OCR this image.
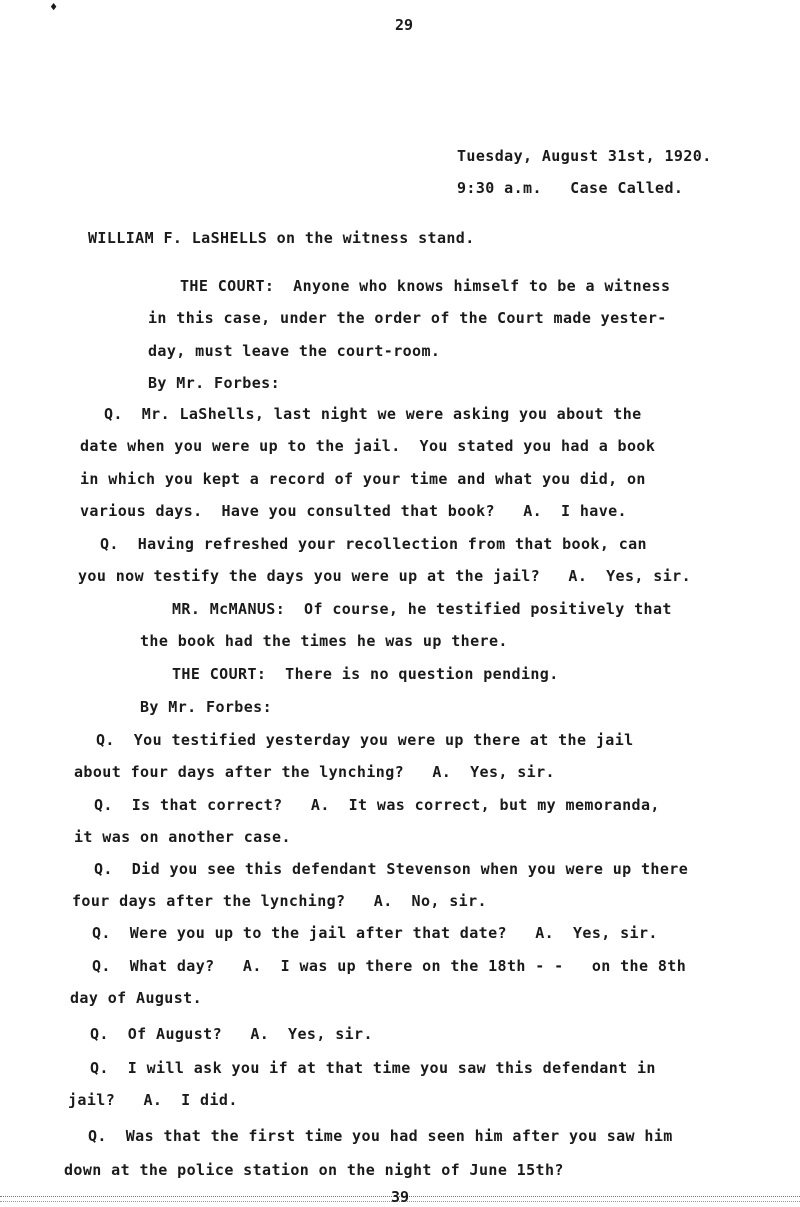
♦
29
Tuesday, August 31st, 1920.
9:30 a.m.   Case Called.
WILLIAM F. LaSHELLS on the witness stand.
THE COURT:  Anyone who knows himself to be a witness
in this case, under the order of the Court made yester-
day, must leave the court-room.
By Mr. Forbes:
Q.  Mr. LaShells, last night we were asking you about the
date when you were up to the jail.  You stated you had a book
in which you kept a record of your time and what you did, on
various days.  Have you consulted that book?   A.  I have.
Q.  Having refreshed your recollection from that book, can
you now testify the days you were up at the jail?   A.  Yes, sir.
MR. McMANUS:  Of course, he testified positively that
the book had the times he was up there.
THE COURT:  There is no question pending.
By Mr. Forbes:
Q.  You testified yesterday you were up there at the jail
about four days after the lynching?   A.  Yes, sir.
Q.  Is that correct?   A.  It was correct, but my memoranda,
it was on another case.
Q.  Did you see this defendant Stevenson when you were up there
four days after the lynching?   A.  No, sir.
Q.  Were you up to the jail after that date?   A.  Yes, sir.
Q.  What day?   A.  I was up there on the 18th - -   on the 8th
day of August.
Q.  Of August?   A.  Yes, sir.
Q.  I will ask you if at that time you saw this defendant in
jail?   A.  I did.
Q.  Was that the first time you had seen him after you saw him
down at the police station on the night of June 15th?
39
